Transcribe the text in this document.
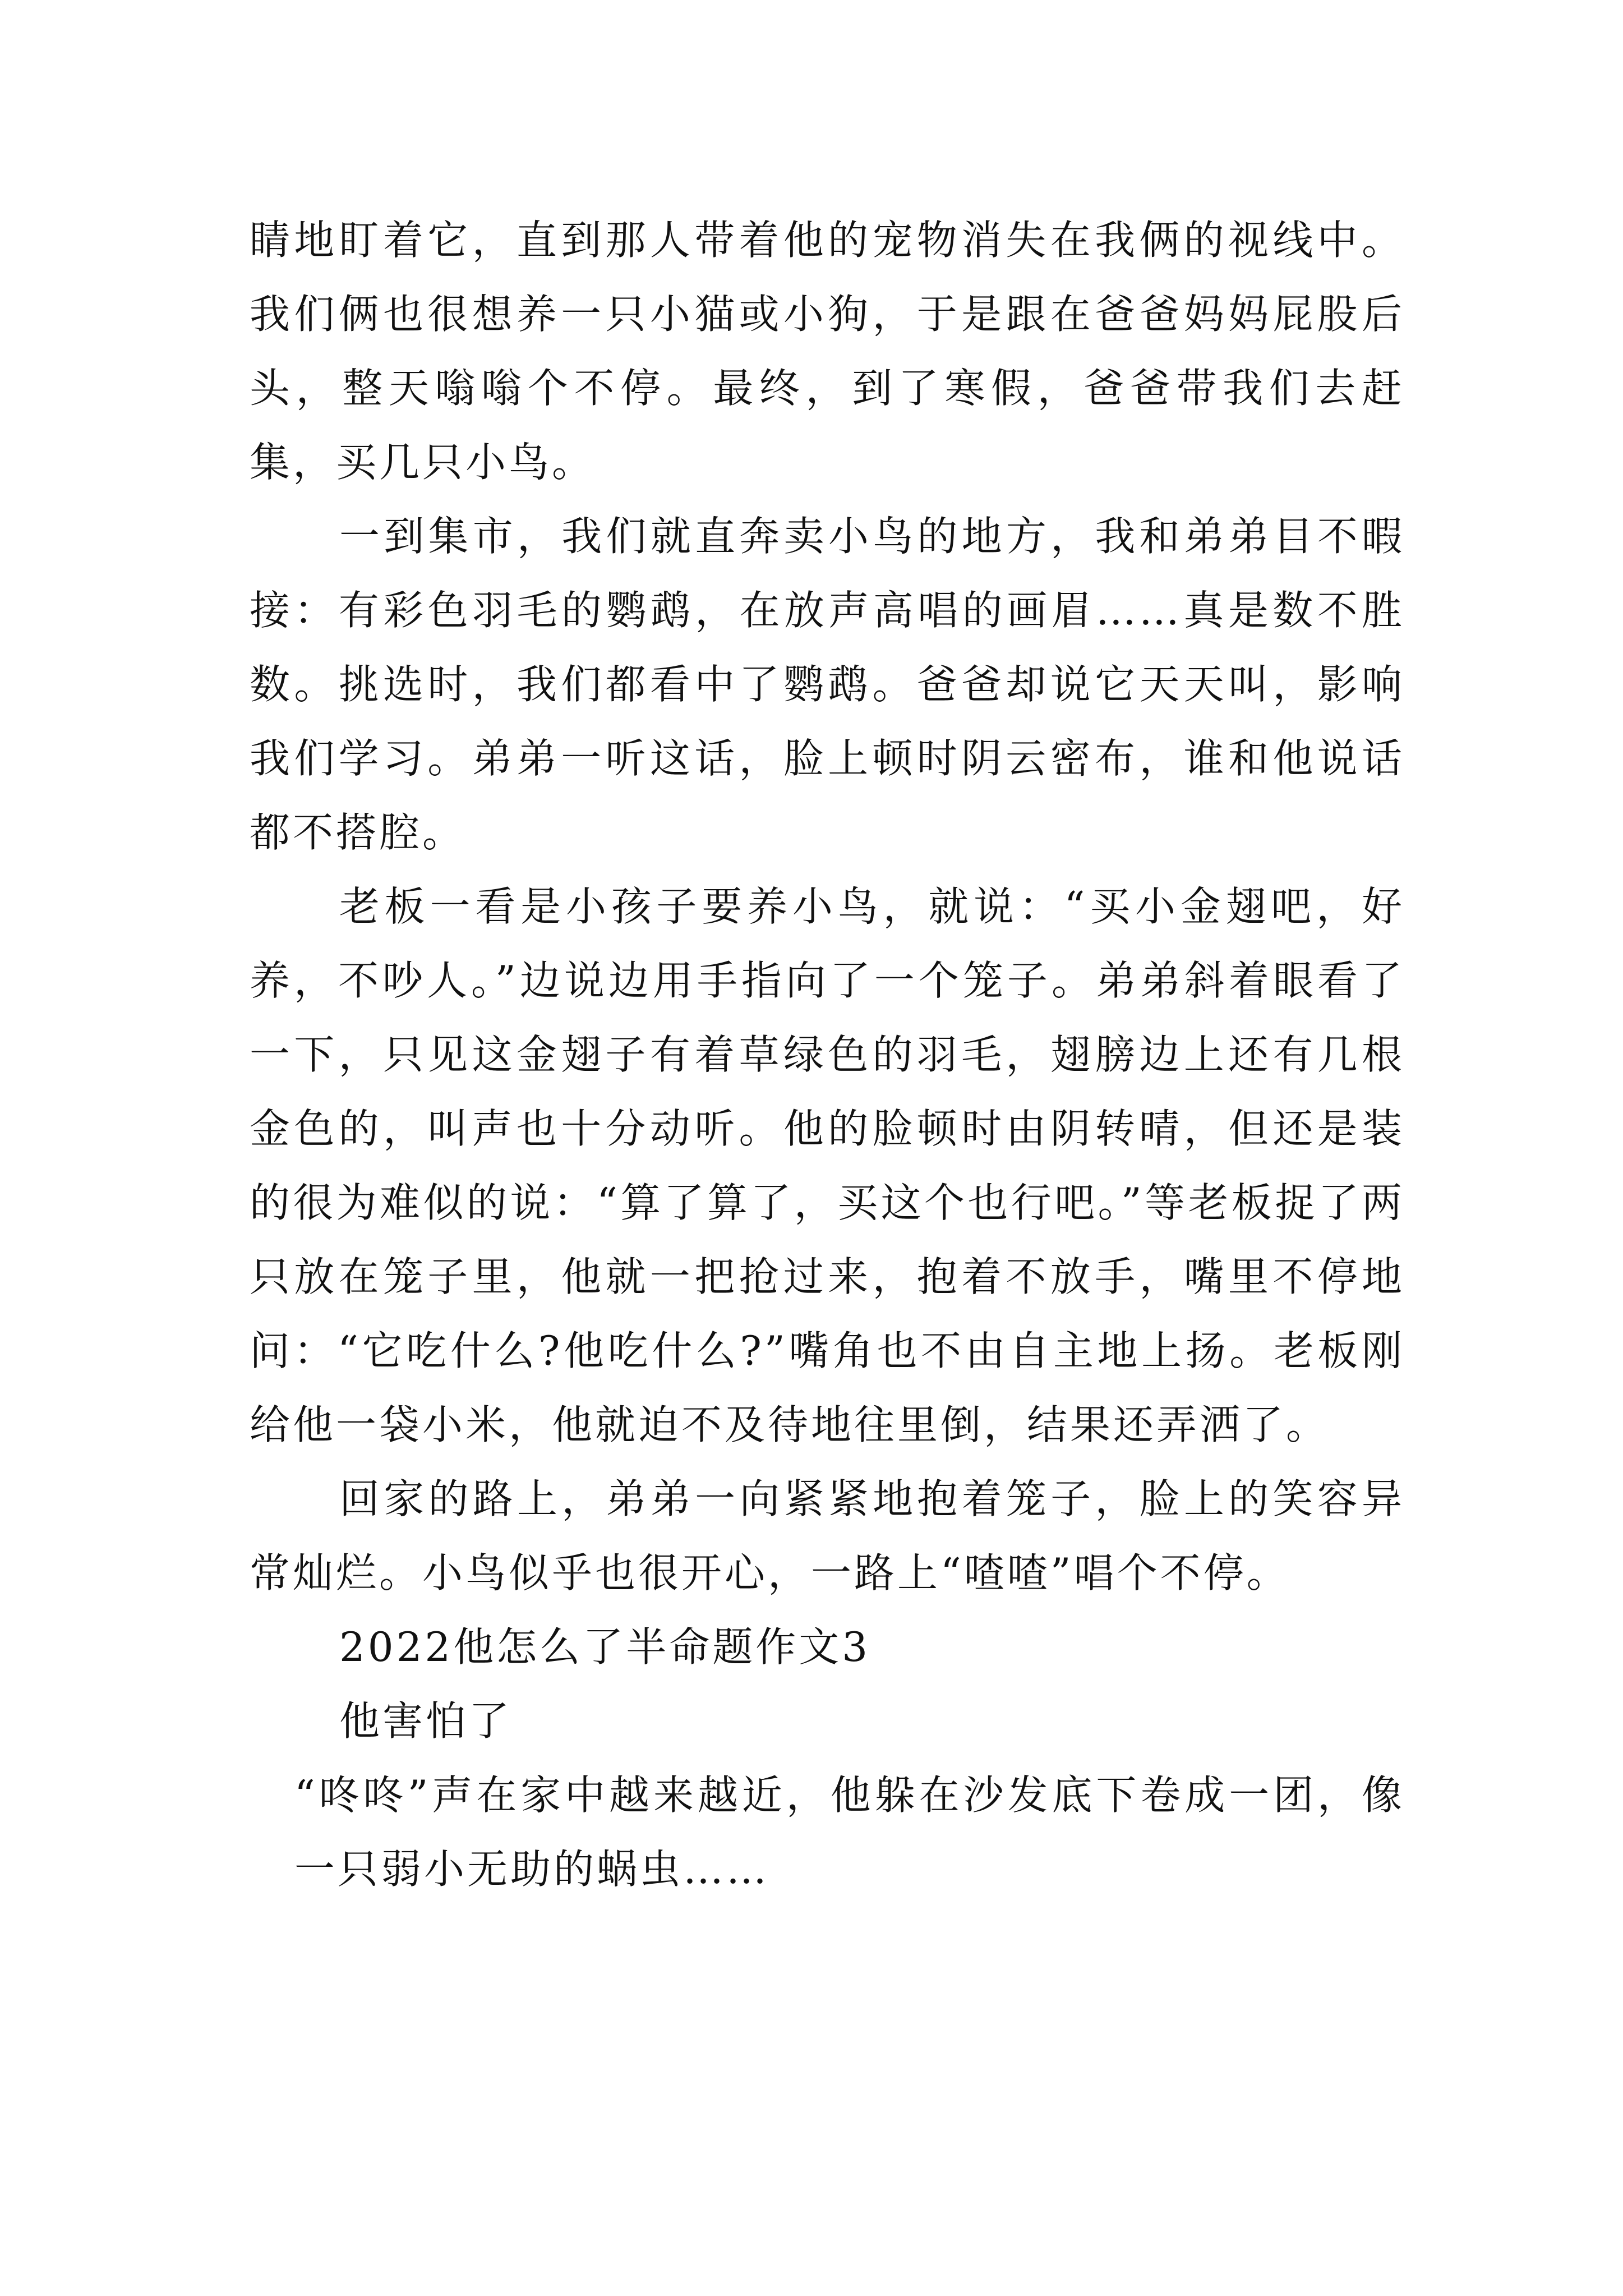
睛地盯着它，直到那人带着他的宠物消失在我俩的视线中。我们俩也很想养一只小猫或小狗，于是跟在爸爸妈妈屁股后头，整天嗡嗡个不停。最终，到了寒假，爸爸带我们去赶集，买几只小鸟。

一到集市，我们就直奔卖小鸟的地方，我和弟弟目不暇接：有彩色羽毛的鹦鹉，在放声高唱的画眉……真是数不胜数。挑选时，我们都看中了鹦鹉。爸爸却说它天天叫，影响我们学习。弟弟一听这话，脸上顿时阴云密布，谁和他说话都不搭腔。

老板一看是小孩子要养小鸟，就说：“买小金翅吧，好养，不吵人。”边说边用手指向了一个笼子。弟弟斜着眼看了一下，只见这金翅子有着草绿色的羽毛，翅膀边上还有几根金色的，叫声也十分动听。他的脸顿时由阴转晴，但还是装的很为难似的说：“算了算了，买这个也行吧。”等老板捉了两只放在笼子里，他就一把抢过来，抱着不放手，嘴里不停地问：“它吃什么?他吃什么?”嘴角也不由自主地上扬。老板刚给他一袋小米，他就迫不及待地往里倒，结果还弄洒了。

回家的路上，弟弟一向紧紧地抱着笼子，脸上的笑容异常灿烂。小鸟似乎也很开心，一路上“喳喳”唱个不停。

2022他怎么了半命题作文3

他害怕了

“咚咚”声在家中越来越近，他躲在沙发底下卷成一团，像一只弱小无助的蜗虫……
